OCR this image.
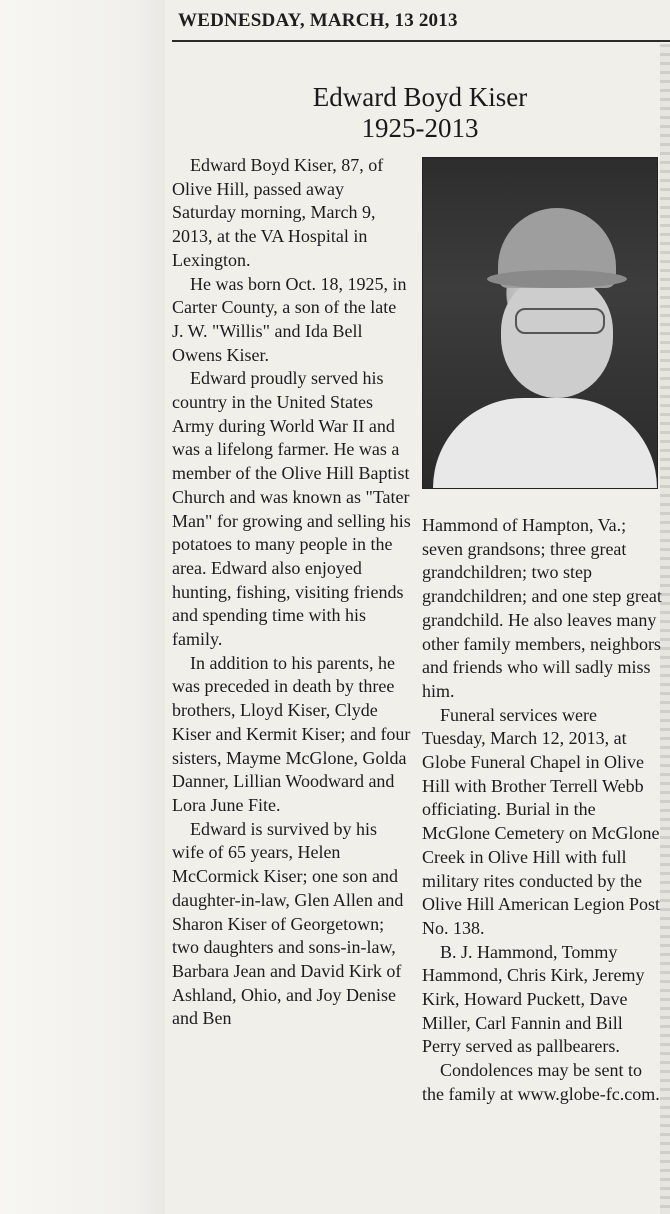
WEDNESDAY, MARCH, 13 2013
Edward Boyd Kiser
1925-2013

Edward Boyd Kiser, 87, of Olive Hill, passed away Saturday morning, March 9, 2013, at the VA Hospital in Lexington.

He was born Oct. 18, 1925, in Carter County, a son of the late J. W. "Willis" and Ida Bell Owens Kiser.

Edward proudly served his country in the United States Army during World War II and was a lifelong farmer. He was a member of the Olive Hill Baptist Church and was known as "Tater Man" for growing and selling his potatoes to many people in the area. Edward also enjoyed hunting, fishing, visiting friends and spending time with his family.

In addition to his parents, he was preceded in death by three brothers, Lloyd Kiser, Clyde Kiser and Kermit Kiser; and four sisters, Mayme McGlone, Golda Danner, Lillian Woodward and Lora June Fite.

Edward is survived by his wife of 65 years, Helen McCormick Kiser; one son and daughter-in-law, Glen Allen and Sharon Kiser of Georgetown; two daughters and sons-in-law, Barbara Jean and David Kirk of Ashland, Ohio, and Joy Denise and Ben

Hammond of Hampton, Va.; seven grandsons; three great grandchildren; two step grandchildren; and one step great grandchild. He also leaves many other family members, neighbors and friends who will sadly miss him.

Funeral services were Tuesday, March 12, 2013, at Globe Funeral Chapel in Olive Hill with Brother Terrell Webb officiating. Burial in the McGlone Cemetery on McGlone Creek in Olive Hill with full military rites conducted by the Olive Hill American Legion Post No. 138.

B. J. Hammond, Tommy Hammond, Chris Kirk, Jeremy Kirk, Howard Puckett, Dave Miller, Carl Fannin and Bill Perry served as pallbearers.

Condolences may be sent to the family at www.globe-fc.com.
